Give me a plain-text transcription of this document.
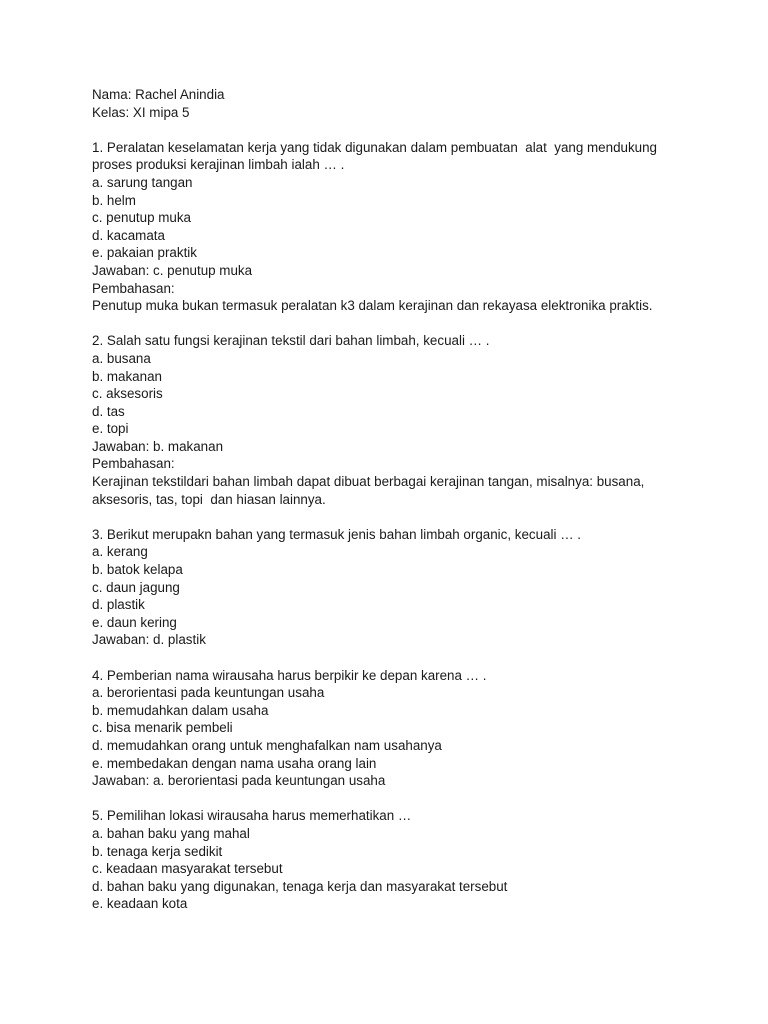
Nama: Rachel Anindia

Kelas: XI mipa 5

1. Peralatan keselamatan kerja yang tidak digunakan dalam pembuatan  alat  yang mendukung proses produksi kerajinan limbah ialah … .

a. sarung tangan

b. helm

c. penutup muka

d. kacamata

e. pakaian praktik

Jawaban: c. penutup muka

Pembahasan:

Penutup muka bukan termasuk peralatan k3 dalam kerajinan dan rekayasa elektronika praktis.

2. Salah satu fungsi kerajinan tekstil dari bahan limbah, kecuali … .

a. busana

b. makanan

c. aksesoris

d. tas

e. topi

Jawaban: b. makanan

Pembahasan:

Kerajinan tekstildari bahan limbah dapat dibuat berbagai kerajinan tangan, misalnya: busana, aksesoris, tas, topi  dan hiasan lainnya.

3. Berikut merupakn bahan yang termasuk jenis bahan limbah organic, kecuali … .

a. kerang

b. batok kelapa

c. daun jagung

d. plastik

e. daun kering

Jawaban: d. plastik

4. Pemberian nama wirausaha harus berpikir ke depan karena … .

a. berorientasi pada keuntungan usaha

b. memudahkan dalam usaha

c. bisa menarik pembeli

d. memudahkan orang untuk menghafalkan nam usahanya

e. membedakan dengan nama usaha orang lain

Jawaban: a. berorientasi pada keuntungan usaha

5. Pemilihan lokasi wirausaha harus memerhatikan …

a. bahan baku yang mahal

b. tenaga kerja sedikit

c. keadaan masyarakat tersebut

d. bahan baku yang digunakan, tenaga kerja dan masyarakat tersebut

e. keadaan kota
